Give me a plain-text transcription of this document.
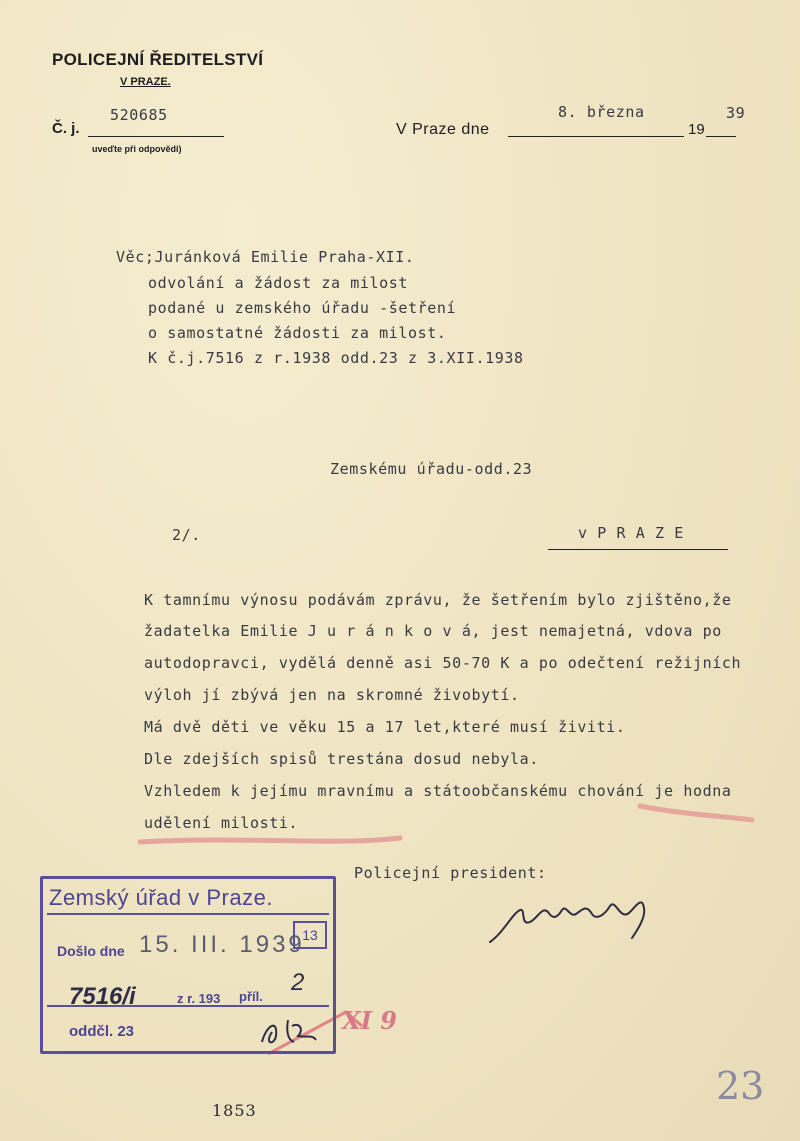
POLICEJNÍ ŘEDITELSTVÍ
V PRAZE.
Č. j.
520685
uveďte při odpovědi)
V Praze dne
8. března
19
39
Věc;Juránková Emilie Praha-XII.
odvolání a žádost za milost
podané u zemského úřadu -šetření
o samostatné žádosti za milost.
K č.j.7516 z r.1938 odd.23 z 3.XII.1938
Zemskému úřadu-odd.23
2/.	v P R A Z E
K tamnímu výnosu podávám zprávu, že šetřením bylo zjištěno,že
žadatelka Emilie J u r á n k o v á, jest nemajetná, vdova po
autodopravci, vydělá denně asi 50-70 K a po odečtení režijních
výloh jí zbývá jen na skromné živobytí.
Má dvě děti ve věku 15 a 17 let,které musí živiti.
Dle zdejších spisů trestána dosud nebyla.
Vzhledem k jejímu mravnímu a státoobčanskému chování je hodna
udělení milosti.
Policejní president:
Zemský úřad v Praze.
Došlo dne 15. III. 1939
13
7516/i	z r. 193 příl.
2
oddčl. 23	XI 9
1853
23
